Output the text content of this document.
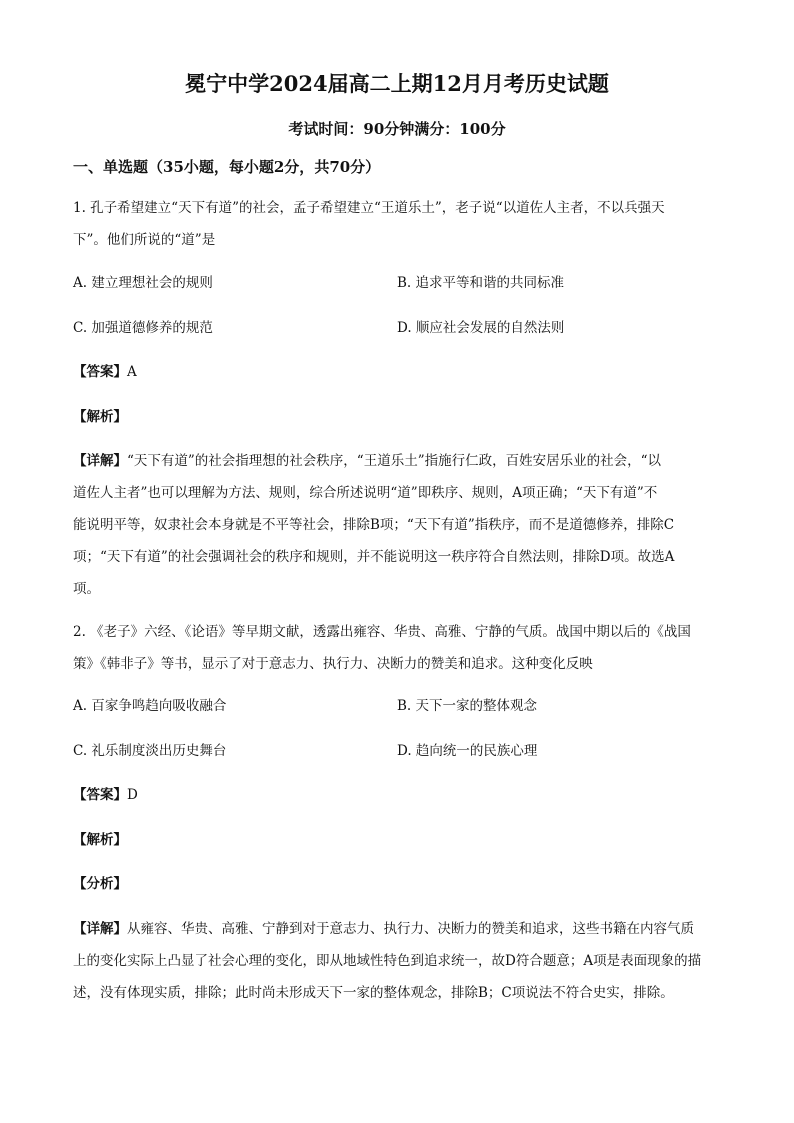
冕宁中学2024届高二上期12月月考历史试题
考试时间：90分钟满分：100分
一、单选题（35小题，每小题2分，共70分）
1. 孔子希望建立“天下有道”的社会，孟子希望建立“王道乐土”，老子说“以道佐人主者，不以兵强天
下”。他们所说的“道”是
A. 建立理想社会的规则	B. 追求平等和谐的共同标准
C. 加强道德修养的规范	D. 顺应社会发展的自然法则
【答案】A
【解析】
【详解】“天下有道”的社会指理想的社会秩序，“王道乐土”指施行仁政，百姓安居乐业的社会，“以
道佐人主者”也可以理解为方法、规则，综合所述说明“道”即秩序、规则，A项正确；“天下有道”不
能说明平等，奴隶社会本身就是不平等社会，排除B项；“天下有道”指秩序，而不是道德修养，排除C
项；“天下有道”的社会强调社会的秩序和规则，并不能说明这一秩序符合自然法则，排除D项。故选A
项。
2. 《老子》六经、《论语》等早期文献，透露出雍容、华贵、高雅、宁静的气质。战国中期以后的《战国
策》《韩非子》等书，显示了对于意志力、执行力、决断力的赞美和追求。这种变化反映
A. 百家争鸣趋向吸收融合	B. 天下一家的整体观念
C. 礼乐制度淡出历史舞台	D. 趋向统一的民族心理
【答案】D
【解析】
【分析】
【详解】从雍容、华贵、高雅、宁静到对于意志力、执行力、决断力的赞美和追求，这些书籍在内容气质
上的变化实际上凸显了社会心理的变化，即从地域性特色到追求统一，故D符合题意；A项是表面现象的描
述，没有体现实质，排除；此时尚未形成天下一家的整体观念，排除B；C项说法不符合史实，排除。
